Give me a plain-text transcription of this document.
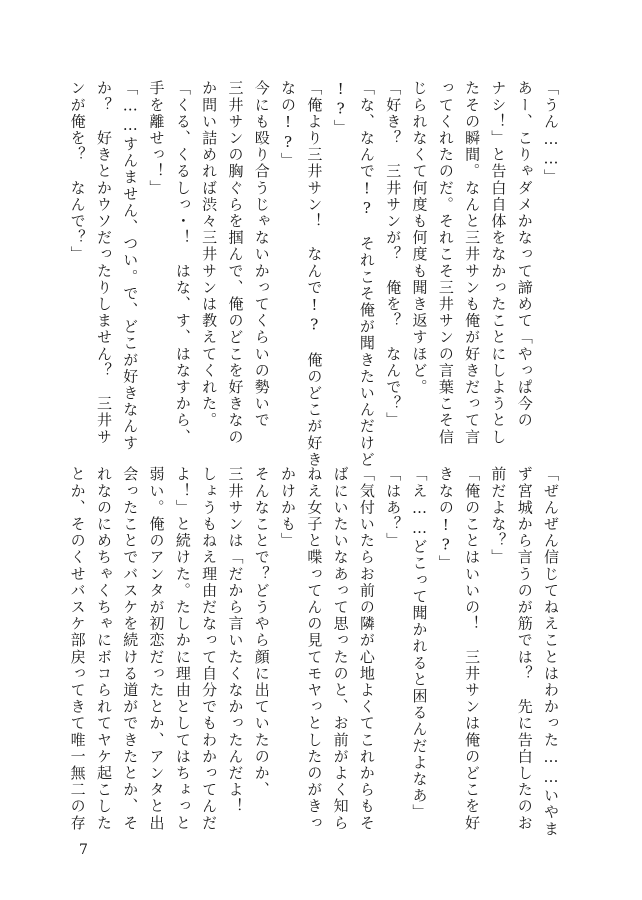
「うん……」

あー、こりゃダメかなって諦めて「やっぱ今の

ナシ！」と告白自体をなかったことにしようとし

たその瞬間。なんと三井サンも俺が好きだって言

ってくれたのだ。それこそ三井サンの言葉こそ信

じられなくて何度も何度も聞き返すほど。

「好き？　三井サンが？　俺を？　なんで？」

「な、なんで!?　それこそ俺が聞きたいんだけど

!?」

「俺より三井サン！　なんで!?　俺のどこが好き

なの!?」

今にも殴り合うじゃないかってくらいの勢いで

三井サンの胸ぐらを掴んで、俺のどこを好きなの

か問い詰めれば渋々三井サンは教えてくれた。

「くる、くるしっ・！　はな、す、はなすから、

手を離せっ！」

「……すんません、つい。で、どこが好きなんす

か？　好きとかウソだったりしません？　三井サ

ンが俺を？　なんで？」

「ぜんぜん信じてねえことはわかった……いやま

ず宮城から言うのが筋では？　先に告白したのお

前だよな？」

「俺のことはいいの！　三井サンは俺のどこを好

きなの!?」

「え……どこって聞かれると困るんだよなあ」

「はあ？」

「気付いたらお前の隣が心地よくてこれからもそ

ばにいたいなあって思ったのと、お前がよく知ら

ねえ女子と喋ってんの見てモヤっとしたのがきっ

かけかも」

そんなことで？どうやら顔に出ていたのか、

三井サンは「だから言いたくなかったんだよ！

しょうもねえ理由だなって自分でもわかってんだ

よ！」と続けた。たしかに理由としてはちょっと

弱い。俺のアンタが初恋だったとか、アンタと出

会ったことでバスケを続ける道ができたとか、そ

れなのにめちゃくちゃにボコられてヤケ起こした

とか、そのくせバスケ部戻ってきて唯一無二の存

7
